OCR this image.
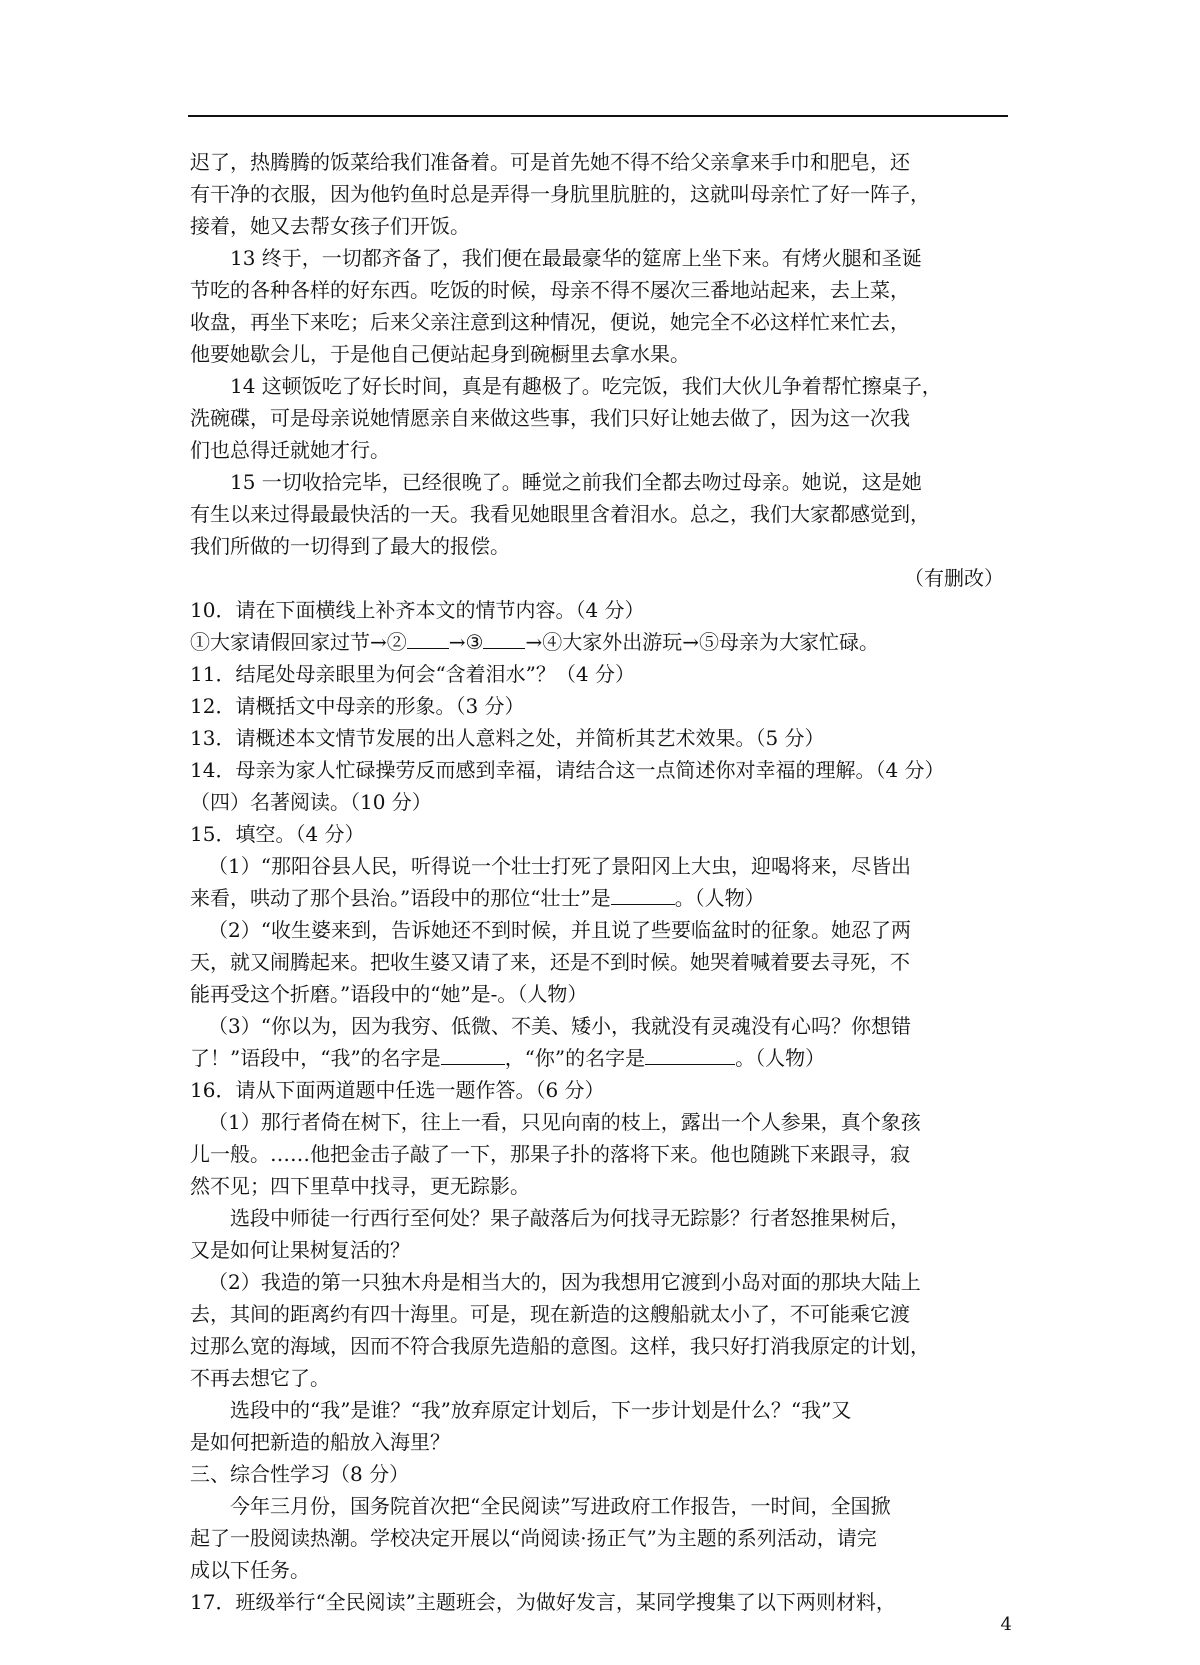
迟了，热腾腾的饭菜给我们准备着。可是首先她不得不给父亲拿来手巾和肥皂，还
有干净的衣服，因为他钓鱼时总是弄得一身肮里肮脏的，这就叫母亲忙了好一阵子，
接着，她又去帮女孩子们开饭。
13 终于，一切都齐备了，我们便在最最豪华的筵席上坐下来。有烤火腿和圣诞
节吃的各种各样的好东西。吃饭的时候，母亲不得不屡次三番地站起来，去上菜，
收盘，再坐下来吃；后来父亲注意到这种情况，便说，她完全不必这样忙来忙去，
他要她歇会儿，于是他自己便站起身到碗橱里去拿水果。
14 这顿饭吃了好长时间，真是有趣极了。吃完饭，我们大伙儿争着帮忙擦桌子，
洗碗碟，可是母亲说她情愿亲自来做这些事，我们只好让她去做了，因为这一次我
们也总得迁就她才行。
15 一切收拾完毕，已经很晚了。睡觉之前我们全都去吻过母亲。她说，这是她
有生以来过得最最快活的一天。我看见她眼里含着泪水。总之，我们大家都感觉到，
我们所做的一切得到了最大的报偿。
（有删改）
10．请在下面横线上补齐本文的情节内容。（4 分）
①大家请假回家过节→② →③ →④大家外出游玩→⑤母亲为大家忙碌。
11．结尾处母亲眼里为何会“含着泪水”？（4 分）
12．请概括文中母亲的形象。（3 分）
13．请概述本文情节发展的出人意料之处，并简析其艺术效果。（5 分）
14．母亲为家人忙碌操劳反而感到幸福，请结合这一点简述你对幸福的理解。（4 分）
（四）名著阅读。（10 分）
15．填空。（4 分）
（1）“那阳谷县人民，听得说一个壮士打死了景阳冈上大虫，迎喝将来，尽皆出
来看，哄动了那个县治。”语段中的那位“壮士”是	。（人物）
（2）“收生婆来到，告诉她还不到时候，并且说了些要临盆时的征象。她忍了两
天，就又闹腾起来。把收生婆又请了来，还是不到时候。她哭着喊着要去寻死，不
能再受这个折磨。”语段中的“她”是-。（人物）
（3）“你以为，因为我穷、低微、不美、矮小，我就没有灵魂没有心吗？你想错
了！”语段中，“我”的名字是	，“你”的名字是	。（人物）
16．请从下面两道题中任选一题作答。（6 分）
（1）那行者倚在树下，往上一看，只见向南的枝上，露出一个人参果，真个象孩
儿一般。……他把金击子敲了一下，那果子扑的落将下来。他也随跳下来跟寻，寂
然不见；四下里草中找寻，更无踪影。
选段中师徒一行西行至何处？果子敲落后为何找寻无踪影？行者怒推果树后，
又是如何让果树复活的？
（2）我造的第一只独木舟是相当大的，因为我想用它渡到小岛对面的那块大陆上
去，其间的距离约有四十海里。可是，现在新造的这艘船就太小了，不可能乘它渡
过那么宽的海域，因而不符合我原先造船的意图。这样，我只好打消我原定的计划，
不再去想它了。
选段中的“我”是谁？“我”放弃原定计划后，下一步计划是什么？“我”又
是如何把新造的船放入海里？
三、综合性学习（8 分）
今年三月份，国务院首次把“全民阅读”写进政府工作报告，一时间，全国掀
起了一股阅读热潮。学校决定开展以“尚阅读·扬正气”为主题的系列活动，请完
成以下任务。
17．班级举行“全民阅读”主题班会，为做好发言，某同学搜集了以下两则材料，
4
